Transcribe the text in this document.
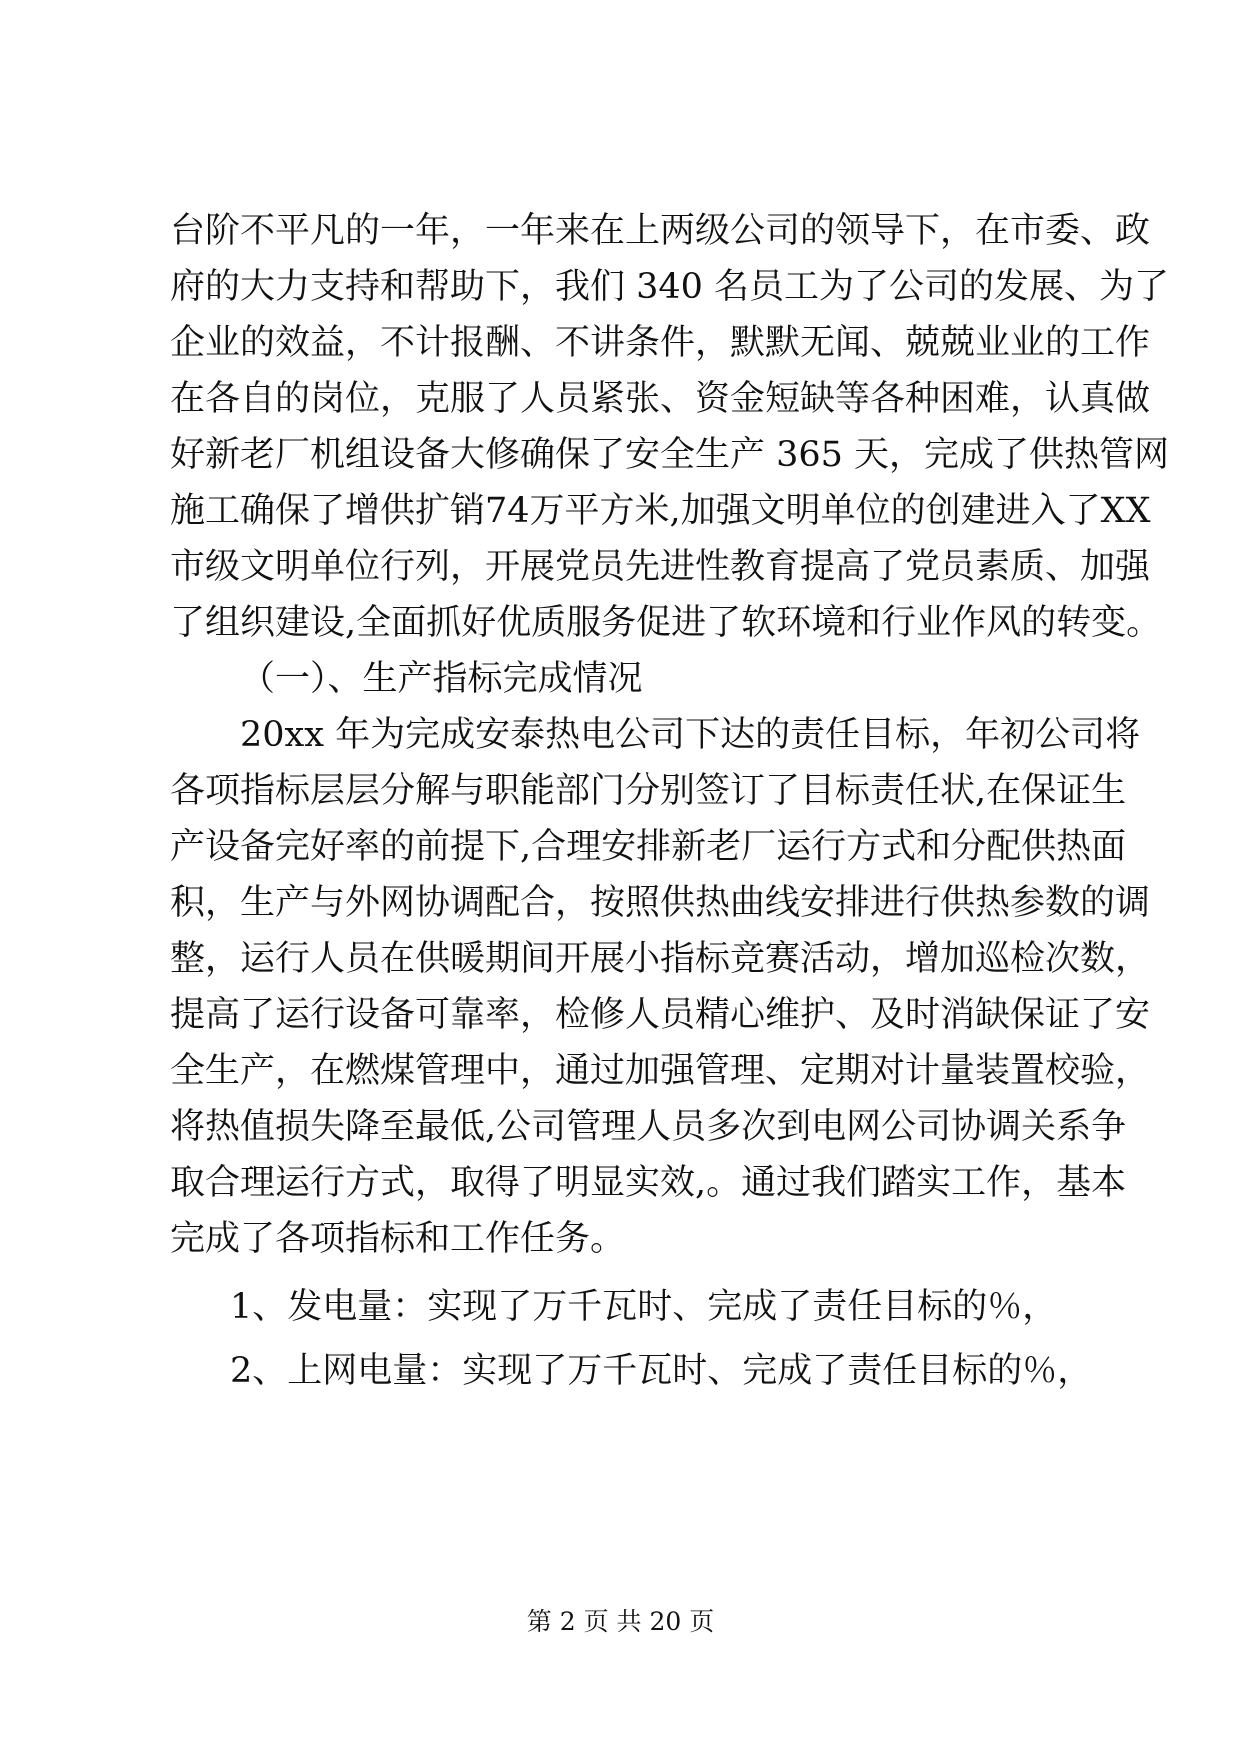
台阶不平凡的一年，一年来在上两级公司的领导下，在市委、政
府的大力支持和帮助下，我们 340 名员工为了公司的发展、为了
企业的效益，不计报酬、不讲条件，默默无闻、兢兢业业的工作
在各自的岗位，克服了人员紧张、资金短缺等各种困难，认真做
好新老厂机组设备大修确保了安全生产 365 天，完成了供热管网
施工确保了增供扩销74万平方米,加强文明单位的创建进入了XX
市级文明单位行列，开展党员先进性教育提高了党员素质、加强
了组织建设,全面抓好优质服务促进了软环境和行业作风的转变。
（一）、生产指标完成情况
20xx 年为完成安泰热电公司下达的责任目标，年初公司将
各项指标层层分解与职能部门分别签订了目标责任状,在保证生
产设备完好率的前提下,合理安排新老厂运行方式和分配供热面
积，生产与外网协调配合，按照供热曲线安排进行供热参数的调
整，运行人员在供暖期间开展小指标竞赛活动，增加巡检次数，
提高了运行设备可靠率，检修人员精心维护、及时消缺保证了安
全生产，在燃煤管理中，通过加强管理、定期对计量装置校验，
将热值损失降至最低,公司管理人员多次到电网公司协调关系争
取合理运行方式，取得了明显实效,。通过我们踏实工作，基本
完成了各项指标和工作任务。
1、发电量：实现了万千瓦时、完成了责任目标的％，
2、上网电量：实现了万千瓦时、完成了责任目标的％，
第 2 页 共 20 页
